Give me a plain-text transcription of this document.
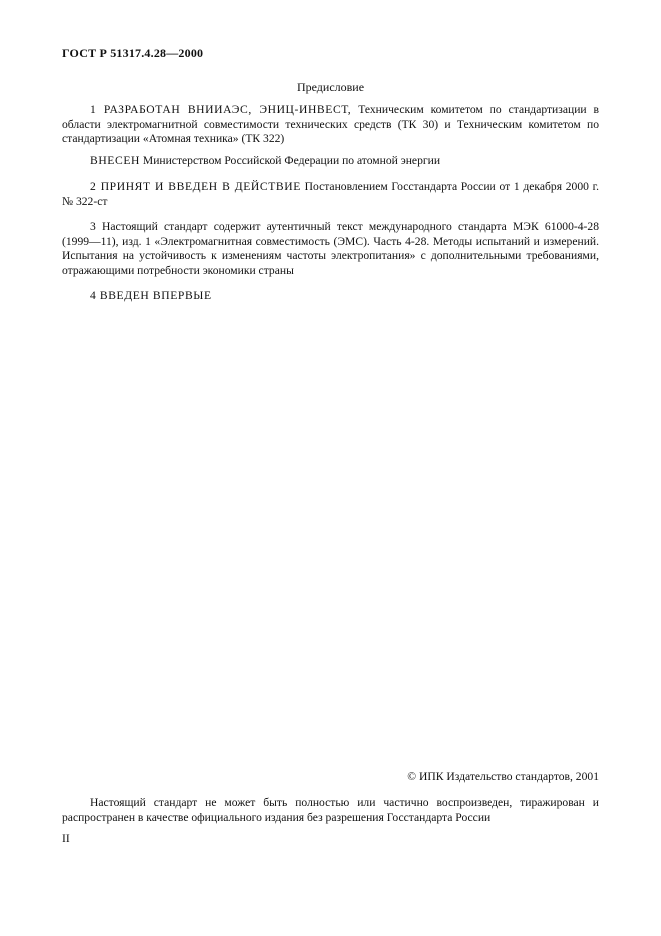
ГОСТ Р 51317.4.28—2000
Предисловие

1 РАЗРАБОТАН ВНИИАЭС, ЭНИЦ-ИНВЕСТ, Техническим комитетом по стандартизации в области электромагнитной совместимости технических средств (ТК 30) и Техническим комитетом по стандартизации «Атомная техника» (ТК 322)

ВНЕСЕН Министерством Российской Федерации по атомной энергии

2 ПРИНЯТ И ВВЕДЕН В ДЕЙСТВИЕ Постановлением Госстандарта России от 1 декабря 2000 г. № 322-ст

3 Настоящий стандарт содержит аутентичный текст международного стандарта МЭК 61000-4-28 (1999—11), изд. 1 «Электромагнитная совместимость (ЭМС). Часть 4-28. Методы испытаний и измерений. Испытания на устойчивость к изменениям частоты электропитания» с дополнительными требованиями, отражающими потребности экономики страны

4 ВВЕДЕН ВПЕРВЫЕ

© ИПК Издательство стандартов, 2001

Настоящий стандарт не может быть полностью или частично воспроизведен, тиражирован и распространен в качестве официального издания без разрешения Госстандарта России

II
